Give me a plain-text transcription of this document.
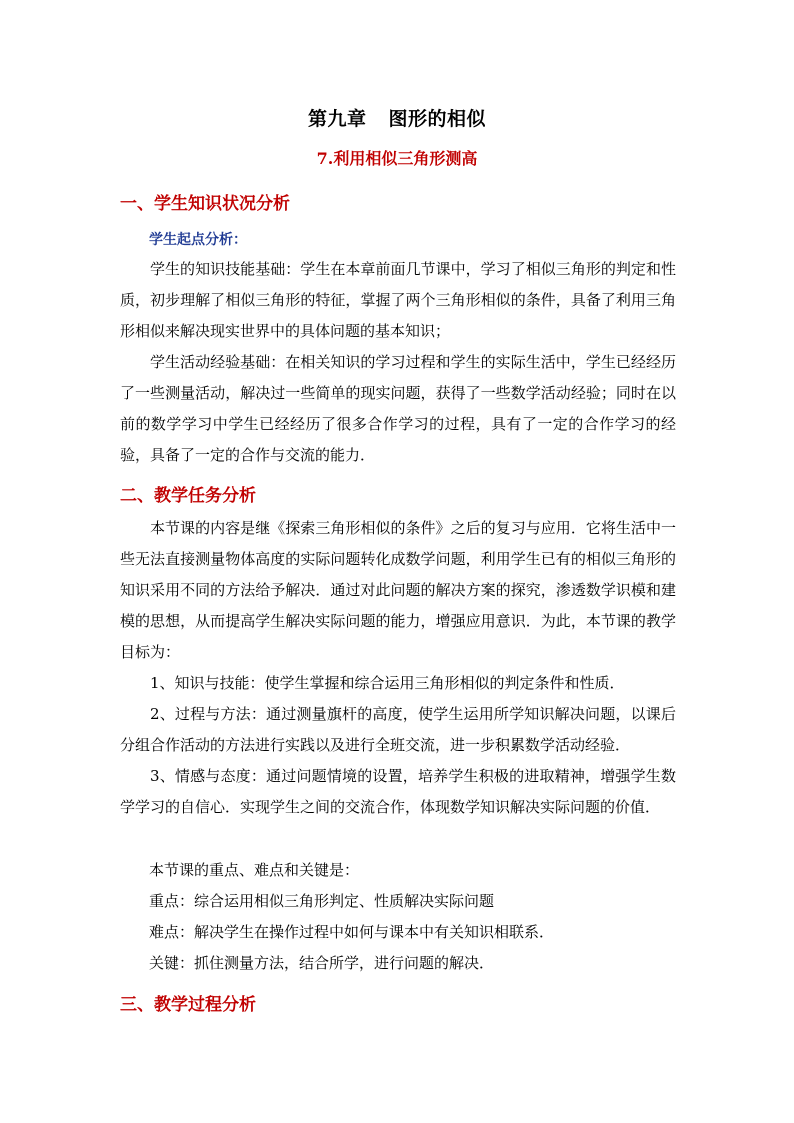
第九章 图形的相似
7.利用相似三角形测高
一、学生知识状况分析
学生起点分析：

学生的知识技能基础：学生在本章前面几节课中，学习了相似三角形的判定和性质，初步理解了相似三角形的特征，掌握了两个三角形相似的条件，具备了利用三角形相似来解决现实世界中的具体问题的基本知识；

学生活动经验基础：在相关知识的学习过程和学生的实际生活中，学生已经经历了一些测量活动，解决过一些简单的现实问题，获得了一些数学活动经验；同时在以前的数学学习中学生已经经历了很多合作学习的过程，具有了一定的合作学习的经验，具备了一定的合作与交流的能力．

二、教学任务分析

本节课的内容是继《探索三角形相似的条件》之后的复习与应用．它将生活中一些无法直接测量物体高度的实际问题转化成数学问题，利用学生已有的相似三角形的知识采用不同的方法给予解决．通过对此问题的解决方案的探究，渗透数学识模和建模的思想，从而提高学生解决实际问题的能力，增强应用意识．为此，本节课的教学目标为：

1、知识与技能：使学生掌握和综合运用三角形相似的判定条件和性质．

2、过程与方法：通过测量旗杆的高度，使学生运用所学知识解决问题，以课后分组合作活动的方法进行实践以及进行全班交流，进一步积累数学活动经验．

3、情感与态度：通过问题情境的设置，培养学生积极的进取精神，增强学生数学学习的自信心．实现学生之间的交流合作，体现数学知识解决实际问题的价值．

本节课的重点、难点和关键是：
重点：综合运用相似三角形判定、性质解决实际问题
难点：解决学生在操作过程中如何与课本中有关知识相联系．
关键：抓住测量方法，结合所学，进行问题的解决．
三、教学过程分析
